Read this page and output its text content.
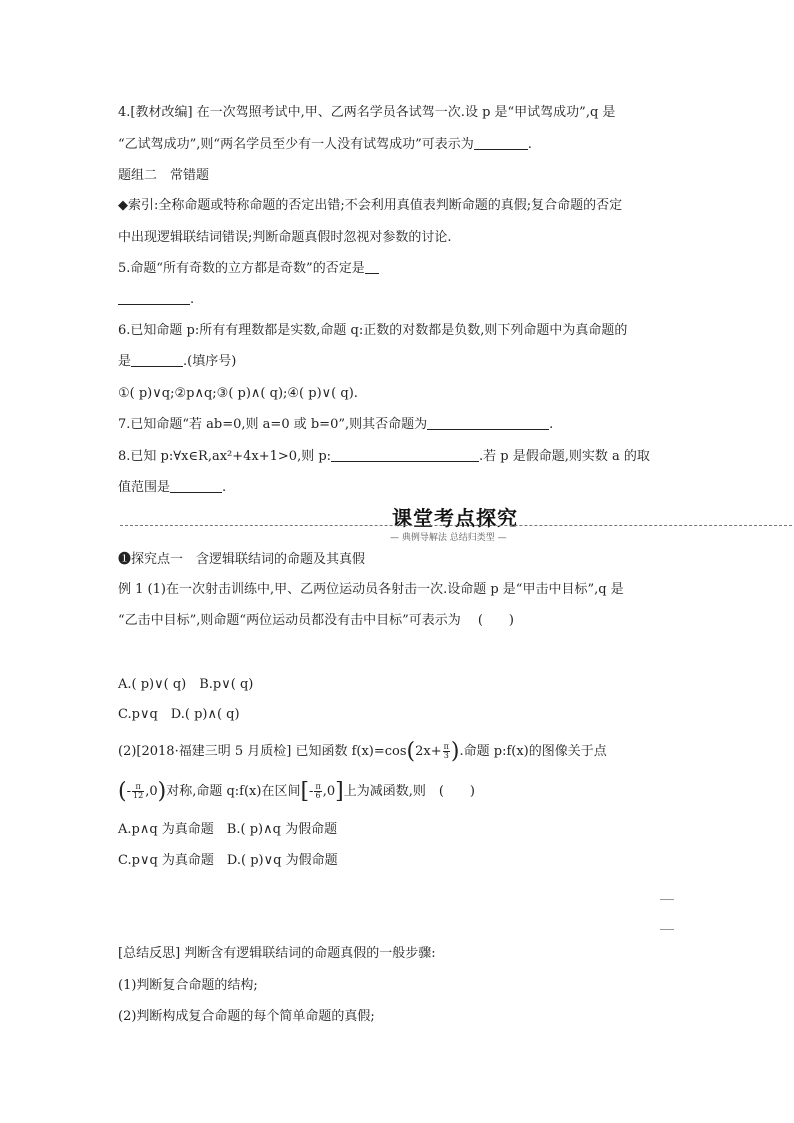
4.[教材改编] 在一次驾照考试中,甲、乙两名学员各试驾一次.设 p 是“甲试驾成功”,q 是
“乙试驾成功”,则“两名学员至少有一人没有试驾成功”可表示为	.
题组二　常错题
◆索引:全称命题或特称命题的否定出错;不会利用真值表判断命题的真假;复合命题的否定
中出现逻辑联结词错误;判断命题真假时忽视对参数的讨论.
5.命题“所有奇数的立方都是奇数”的否定是
.
6.已知命题 p:所有有理数都是实数,命题 q:正数的对数都是负数,则下列命题中为真命题的
是	.(填序号)
①( p)∨q;②p∧q;③( p)∧( q);④( p)∨( q).
7.已知命题“若 ab=0,则 a=0 或 b=0”,则其否命题为	.
8.已知 p:∀x∈R,ax²+4x+1>0,则 p:	.若 p 是假命题,则实数 a 的取
值范围是	.
课堂考点探究
— 典例导解法 总结归类型 —
❶探究点一　含逻辑联结词的命题及其真假
例 1 (1)在一次射击训练中,甲、乙两位运动员各射击一次.设命题 p 是“甲击中目标”,q 是
“乙击中目标”,则命题“两位运动员都没有击中目标”可表示为　 (　　)
A.( p)∨( q)　B.p∨( q)
C.p∨q　D.( p)∧( q)
(2)[2018·福建三明 5 月质检] 已知函数 $f(x)=\cos(2x+ \frac{\pi}{3}$ ).命题 p:f(x)的图像关于点
(- $\frac{\pi}{12} ,0$)对称,命题 q:f(x)在区间[- $\frac{\pi}{6} ,0$]上为减函数,则　(　　)
A.p∧q 为真命题　B.( p)∧q 为假命题
C.p∨q 为真命题　D.( p)∨q 为假命题
[总结反思] 判断含有逻辑联结词的命题真假的一般步骤:
(1)判断复合命题的结构;
(2)判断构成复合命题的每个简单命题的真假;
